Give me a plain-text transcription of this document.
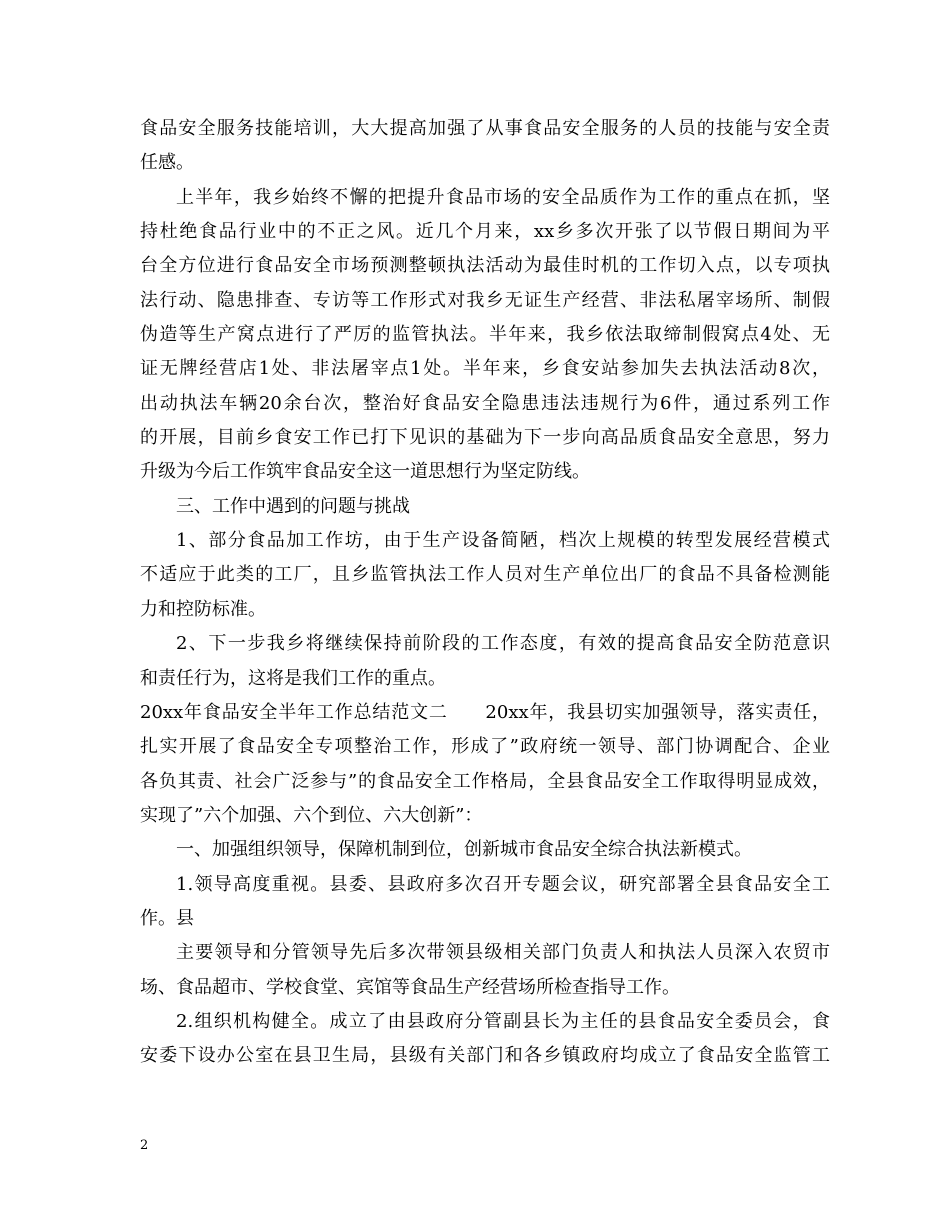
食品安全服务技能培训，大大提高加强了从事食品安全服务的人员的技能与安全责
任感。
上半年，我乡始终不懈的把提升食品市场的安全品质作为工作的重点在抓，坚
持杜绝食品行业中的不正之风。近几个月来，xx乡多次开张了以节假日期间为平
台全方位进行食品安全市场预测整顿执法活动为最佳时机的工作切入点，以专项执
法行动、隐患排查、专访等工作形式对我乡无证生产经营、非法私屠宰场所、制假
伪造等生产窝点进行了严厉的监管执法。半年来，我乡依法取缔制假窝点4处、无
证无牌经营店1处、非法屠宰点1处。半年来，乡食安站参加失去执法活动8次，
出动执法车辆20余台次，整治好食品安全隐患违法违规行为6件，通过系列工作
的开展，目前乡食安工作已打下见识的基础为下一步向高品质食品安全意思，努力
升级为今后工作筑牢食品安全这一道思想行为坚定防线。
三、工作中遇到的问题与挑战
1、部分食品加工作坊，由于生产设备简陋，档次上规模的转型发展经营模式
不适应于此类的工厂，且乡监管执法工作人员对生产单位出厂的食品不具备检测能
力和控防标准。
2、下一步我乡将继续保持前阶段的工作态度，有效的提高食品安全防范意识
和责任行为，这将是我们工作的重点。
20xx年食品安全半年工作总结范文二　　20xx年，我县切实加强领导，落实责任，
扎实开展了食品安全专项整治工作，形成了”政府统一领导、部门协调配合、企业
各负其责、社会广泛参与”的食品安全工作格局，全县食品安全工作取得明显成效，
实现了”六个加强、六个到位、六大创新”：
一、加强组织领导，保障机制到位，创新城市食品安全综合执法新模式。
1.领导高度重视。县委、县政府多次召开专题会议，研究部署全县食品安全工
作。县
主要领导和分管领导先后多次带领县级相关部门负责人和执法人员深入农贸市
场、食品超市、学校食堂、宾馆等食品生产经营场所检查指导工作。
2.组织机构健全。成立了由县政府分管副县长为主任的县食品安全委员会，食
安委下设办公室在县卫生局，县级有关部门和各乡镇政府均成立了食品安全监管工
2
